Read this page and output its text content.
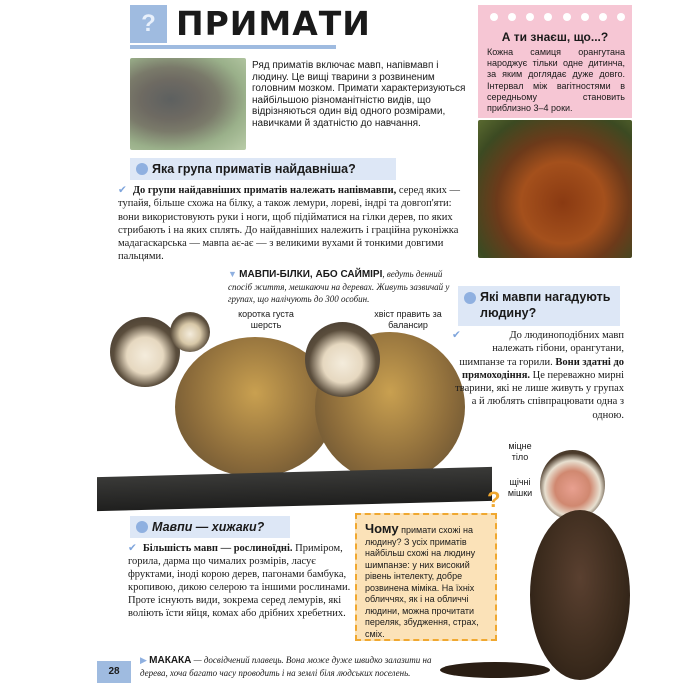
? ПРИМАТИ
Ряд приматів включає мавп, напівмавп і людину. Це вищі тварини з розвиненим головним мозком. Примати характеризуються найбільшою різноманітністю видів, що відрізняються один від одного розмірами, навичками й здатністю до навчання.
А ти знаєш, що...?

Кожна самиця орангутана народжує тільки одне дитинча, за яким доглядає дуже довго. Інтервал між вагітностями в середньому становить приблизно 3–4 роки.

Яка група приматів найдавніша?
✔ До групи найдавніших приматів належать напівмавпи, серед яких — тупайя, більше схожа на білку, а також лемури, лореві, індрі та довгоп'яти: вони використовують руки і ноги, щоб підійматися на гілки дерев, по яких стрибають і на яких сплять. До найдавніших належить і граційна руконіжка мадагаскарська — мавпа ає-ає — з великими вухами й тонкими довгими пальцями.
▼ МАВПИ-БІЛКИ, АБО САЙМІРІ, ведуть денний спосіб життя, мешкаючи на деревах. Живуть зазвичай у групах, що налічують до 300 особин.
коротка густа шерсть
хвіст править за балансир
Які мавпи нагадують людину?
✔	До людиноподібних мавп належать гібони, орангутани, шимпанзе та горили. Вони здатні до прямоходіння. Це переважно мирні тварини, які не лише живуть у групах а й люблять співпрацювати одна з одною.
Мавпи — хижаки?
✔ Більшість мавп — рослиноїдні. Приміром, горила, дарма що чималих розмірів, ласує фруктами, іноді корою дерев, пагонами бамбука, кропивою, дикою селерою та іншими рослинами. Проте існують види, зокрема серед лемурів, які воліють їсти яйця, комах або дрібних хребетних.

Чому примати схожі на людину? З усіх приматів найбільш схожі на людину шимпанзе: у них високий рівень інтелекту, добре розвинена міміка. На їхніх обличчях, як і на обличчі людини, можна прочитати переляк, збудження, страх, сміх.

?
міцне тіло
щічні мішки
▶ МАКАКА — досвідчений плавець. Вона може дуже швидко залазити на дерева, хоча багато часу проводить і на землі біля людських поселень.
28
